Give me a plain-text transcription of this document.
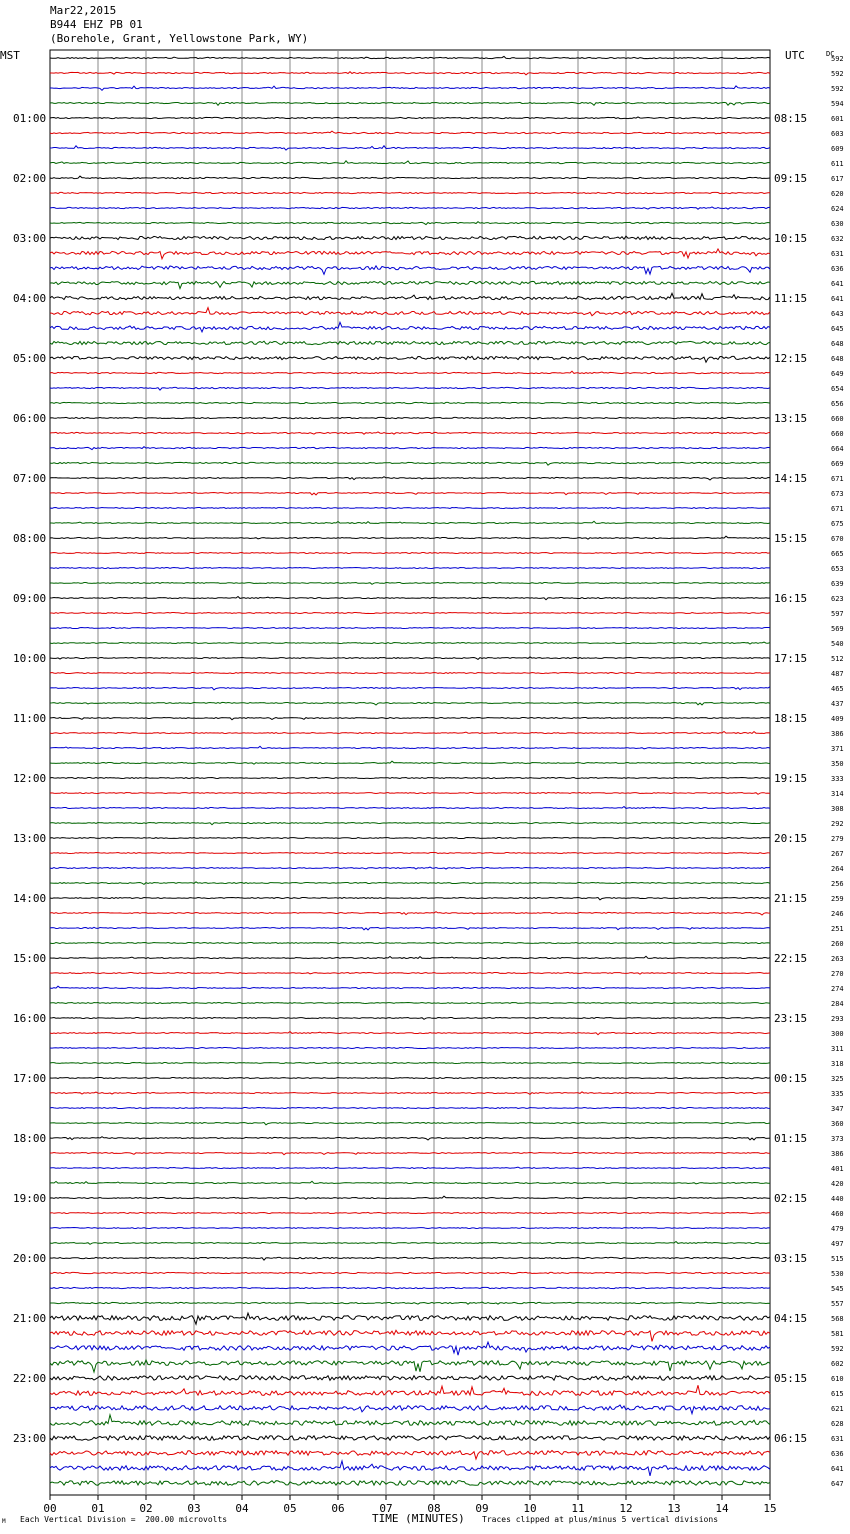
Mar22,2015
B944 EHZ PB 01
(Borehole, Grant, Yellowstone Park, WY)
MST	UTC	DC
00	01	02	03	04	05	06	07	08	09	10	11	12	13	14	15
592
592
592
594
601
01:00	08:15
603
609
611
617
02:00	09:15
620
624
630
632
03:00	10:15
631
636
641
641
04:00	11:15
643
645
648
648
05:00	12:15
649
654
656
660
06:00	13:15
660
664
669
671
07:00	14:15
673
671
675
670
08:00	15:15
665
653
639
623
09:00	16:15
597
569
540
512
10:00	17:15
487
465
437
409
11:00	18:15
386
371
350
333
12:00	19:15
314
308
292
279
13:00	20:15
267
264
256
259
14:00	21:15
246
251
260
263
15:00	22:15
270
274
284
293
16:00	23:15
300
311
318
325
17:00	00:15
335
347
360
373
18:00	01:15
386
401
420
440
19:00	02:15
460
479
497
515
20:00	03:15
530
545
557
568
21:00	04:15
581
592
602
610
22:00	05:15
615
621
628
631
23:00	06:15
636
641
647
TIME (MINUTES)
M Each Vertical Division =  200.00 microvolts	Traces clipped at plus/minus 5 vertical divisions
